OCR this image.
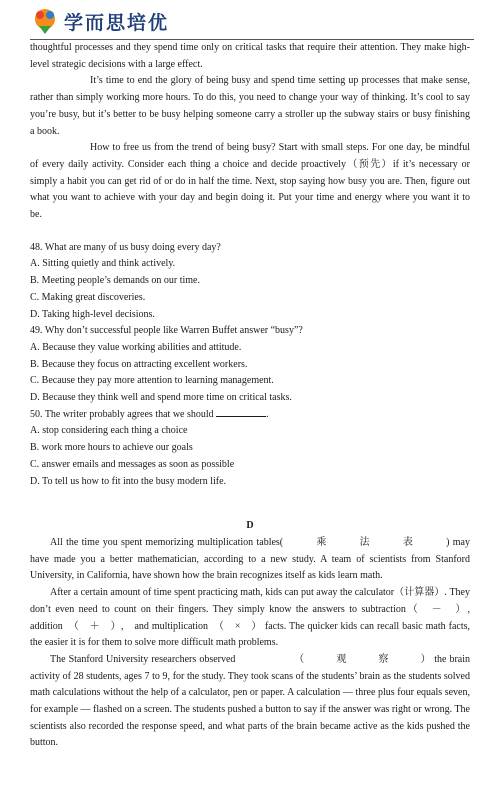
学而思培优

thoughtful processes and they spend time only on critical tasks that require their attention. They make high-level strategic decisions with a large effect.

It’s time to end the glory of being busy and spend time setting up processes that make sense, rather than simply working more hours. To do this, you need to change your way of thinking. It’s cool to say you’re busy, but it’s better to be busy helping someone carry a stroller up the subway stairs or busy finishing a book.

How to free us from the trend of being busy? Start with small steps. For one day, be mindful of every daily activity. Consider each thing a choice and decide proactively（预先）if it’s necessary or simply a habit you can get rid of or do in half the time. Next, stop saying how busy you are. Then, figure out what you want to achieve with your day and begin doing it. Put your time and energy where you want it to be.

48. What are many of us busy doing every day?

A. Sitting quietly and think actively.

B. Meeting people’s demands on our time.

C. Making great discoveries.

D. Taking high-level decisions.

49. Why don’t successful people like Warren Buffet answer “busy”?

A. Because they value working abilities and attitude.

B. Because they focus on attracting excellent workers.

C. Because they pay more attention to learning management.

D. Because they think well and spend more time on critical tasks.

50. The writer probably agrees that we should	.

A. stop considering each thing a choice

B. work more hours to achieve our goals

C. answer emails and messages as soon as possible

D. To tell us how to fit into the busy modern life.

D

All the time you spent memorizing multiplication tables(　　　乘　　　法　　　表　　　) may have made you a better mathematician, according to a new study. A team of scientists from Stanford University, in California, have shown how the brain recognizes itself as kids learn math.

After a certain amount of time spent practicing math, kids can put away the calculator（计算器）. They don’t even need to count on their fingers. They simply know the answers to subtraction（　－　）,　　addition　（　＋　）,　and multiplication　（　×　） facts. The quicker kids can recall basic math facts, the easier it is for them to solve more difficult math problems.

The Stanford University researchers observed　　　　　　（　　　观　　　察　　　） the brain activity of 28 students, ages 7 to 9, for the study. They took scans of the students’ brain as the students solved math calculations without the help of a calculator, pen or paper. A calculation — three plus four equals seven, for example — flashed on a screen. The students pushed a button to say if the answer was right or wrong. The scientists also recorded the response speed, and what parts of the brain became active as the kids pushed the button.
